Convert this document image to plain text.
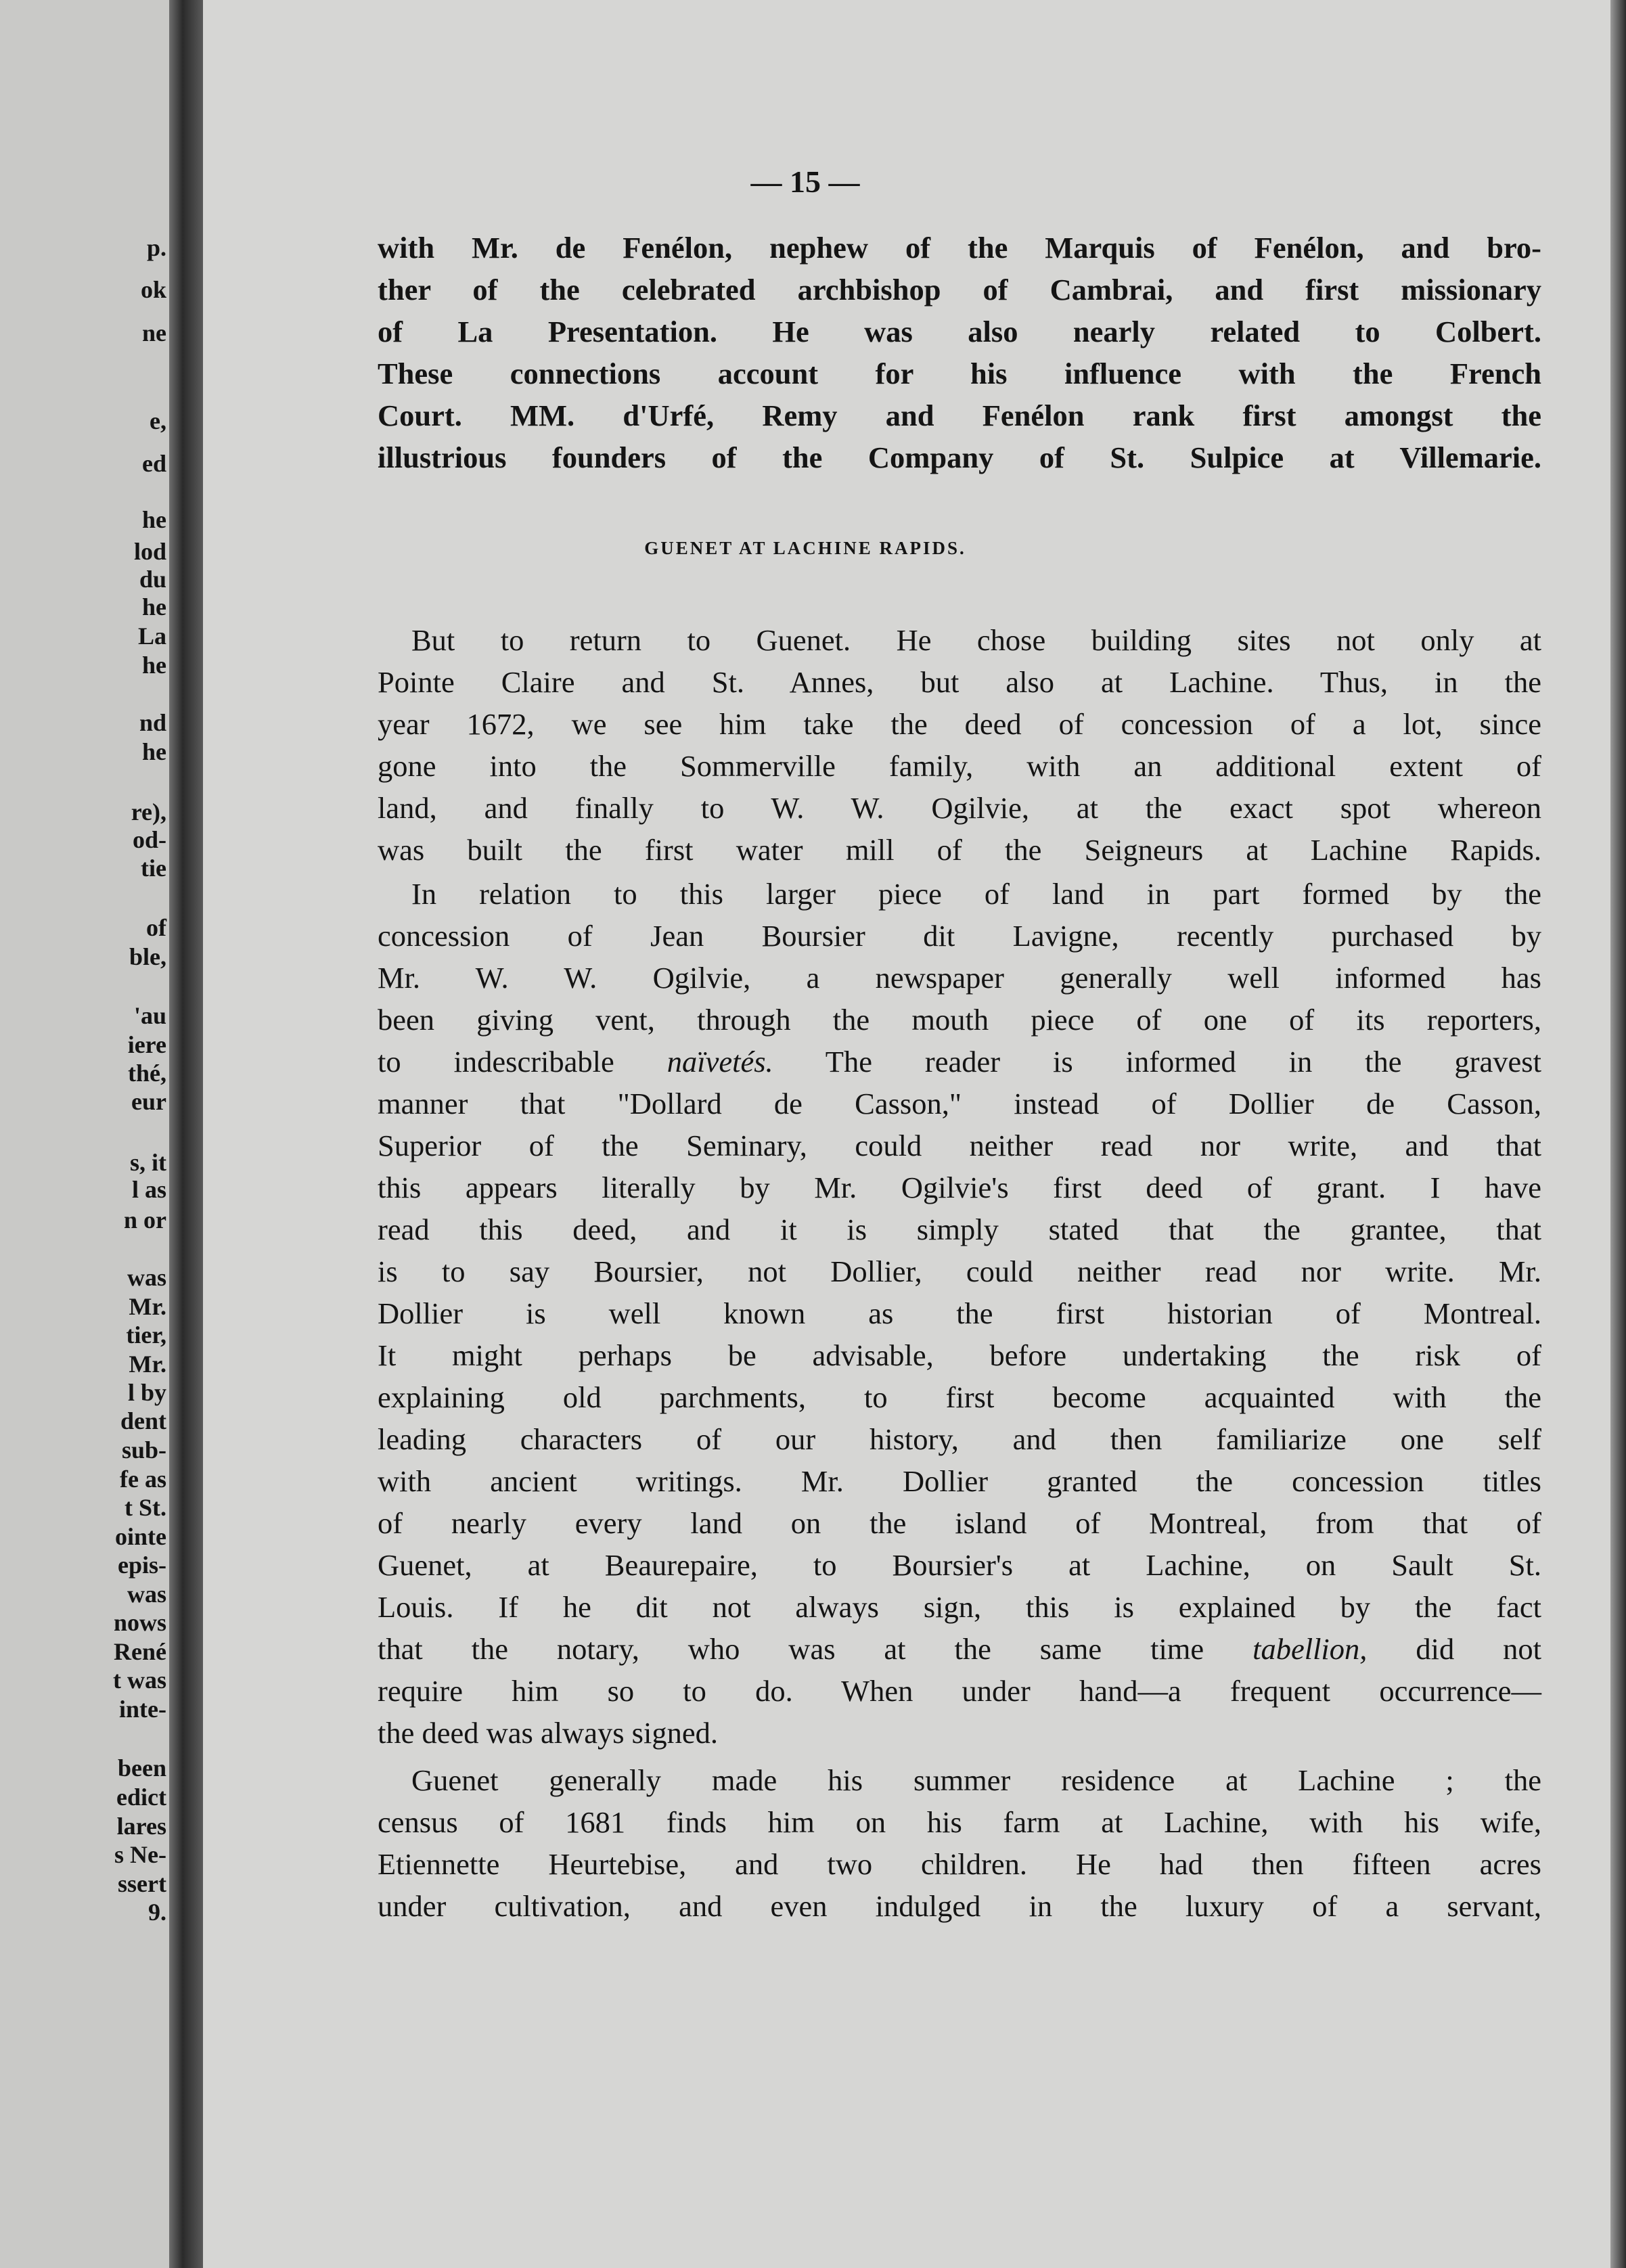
p.
ok
ne
e,
ed
he
lod
du
he
La
he
nd
he
re),
od-
tie
of
ble,
'au
iere
thé,
eur
s, it
l as
n or
was
Mr.
tier,
Mr.
l by
dent
sub-
fe as
t St.
ointe
epis-
was
nows
René
t was
inte-
been
edict
lares
s Ne-
ssert
9.
— 15 —
with Mr. de Fenélon, nephew of the Marquis of Fenélon, and bro-
ther of the celebrated archbishop of Cambrai, and first missionary
of La Presentation. He was also nearly related to Colbert.
These connections account for his influence with the French
Court. MM. d'Urfé, Remy and Fenélon rank first amongst the
illustrious founders of the Company of St. Sulpice at Villemarie.
GUENET AT LACHINE RAPIDS.
But to return to Guenet. He chose building sites not only at
Pointe Claire and St. Annes, but also at Lachine. Thus, in the
year 1672, we see him take the deed of concession of a lot, since
gone into the Sommerville family, with an additional extent of
land, and finally to W. W. Ogilvie, at the exact spot whereon
was built the first water mill of the Seigneurs at Lachine Rapids.
In relation to this larger piece of land in part formed by the
concession of Jean Boursier dit Lavigne, recently purchased by
Mr. W. W. Ogilvie, a newspaper generally well informed has
been giving vent, through the mouth piece of one of its reporters,
to indescribable naïvetés. The reader is informed in the gravest
manner that "Dollard de Casson," instead of Dollier de Casson,
Superior of the Seminary, could neither read nor write, and that
this appears literally by Mr. Ogilvie's first deed of grant. I have
read this deed, and it is simply stated that the grantee, that
is to say Boursier, not Dollier, could neither read nor write. Mr.
Dollier is well known as the first historian of Montreal.
It might perhaps be advisable, before undertaking the risk of
explaining old parchments, to first become acquainted with the
leading characters of our history, and then familiarize one self
with ancient writings. Mr. Dollier granted the concession titles
of nearly every land on the island of Montreal, from that of
Guenet, at Beaurepaire, to Boursier's at Lachine, on Sault St.
Louis. If he dit not always sign, this is explained by the fact
that the notary, who was at the same time tabellion, did not
require him so to do. When under hand—a frequent occurrence—
the deed was always signed.
Guenet generally made his summer residence at Lachine ; the
census of 1681 finds him on his farm at Lachine, with his wife,
Etiennette Heurtebise, and two children. He had then fifteen acres
under cultivation, and even indulged in the luxury of a servant,
